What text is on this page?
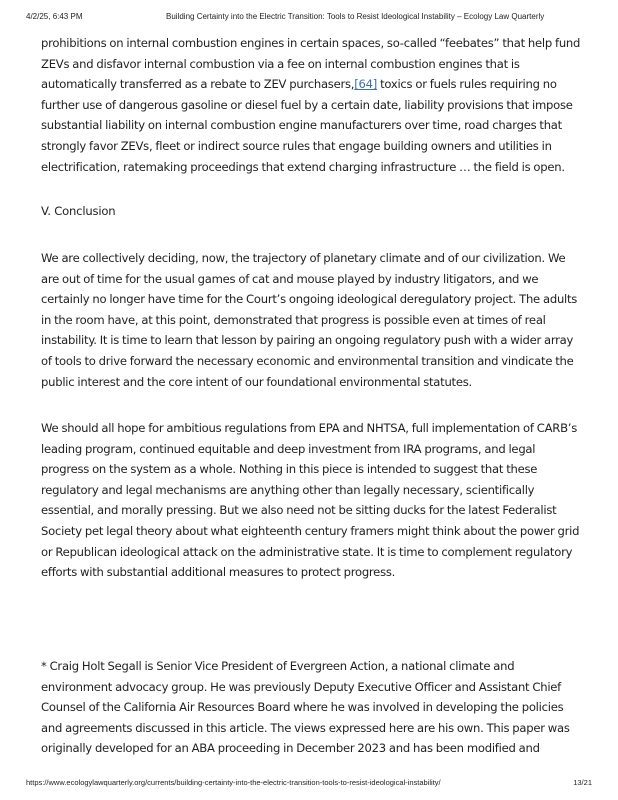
4/2/25, 6:43 PM	Building Certainty into the Electric Transition: Tools to Resist Ideological Instability – Ecology Law Quarterly

prohibitions on internal combustion engines in certain spaces, so-called “feebates” that help fund ZEVs and disfavor internal combustion via a fee on internal combustion engines that is automatically transferred as a rebate to ZEV purchasers,[64] toxics or fuels rules requiring no further use of dangerous gasoline or diesel fuel by a certain date, liability provisions that impose substantial liability on internal combustion engine manufacturers over time, road charges that strongly favor ZEVs, fleet or indirect source rules that engage building owners and utilities in electrification, ratemaking proceedings that extend charging infrastructure … the field is open.

V. Conclusion

We are collectively deciding, now, the trajectory of planetary climate and of our civilization. We are out of time for the usual games of cat and mouse played by industry litigators, and we certainly no longer have time for the Court’s ongoing ideological deregulatory project. The adults in the room have, at this point, demonstrated that progress is possible even at times of real instability. It is time to learn that lesson by pairing an ongoing regulatory push with a wider array of tools to drive forward the necessary economic and environmental transition and vindicate the public interest and the core intent of our foundational environmental statutes.

We should all hope for ambitious regulations from EPA and NHTSA, full implementation of CARB’s leading program, continued equitable and deep investment from IRA programs, and legal progress on the system as a whole. Nothing in this piece is intended to suggest that these regulatory and legal mechanisms are anything other than legally necessary, scientifically essential, and morally pressing. But we also need not be sitting ducks for the latest Federalist Society pet legal theory about what eighteenth century framers might think about the power grid or Republican ideological attack on the administrative state. It is time to complement regulatory efforts with substantial additional measures to protect progress.

* Craig Holt Segall is Senior Vice President of Evergreen Action, a national climate and environment advocacy group. He was previously Deputy Executive Officer and Assistant Chief Counsel of the California Air Resources Board where he was involved in developing the policies and agreements discussed in this article. The views expressed here are his own. This paper was originally developed for an ABA proceeding in December 2023 and has been modified and

https://www.ecologylawquarterly.org/currents/building-certainty-into-the-electric-transition-tools-to-resist-ideological-instability/	13/21
